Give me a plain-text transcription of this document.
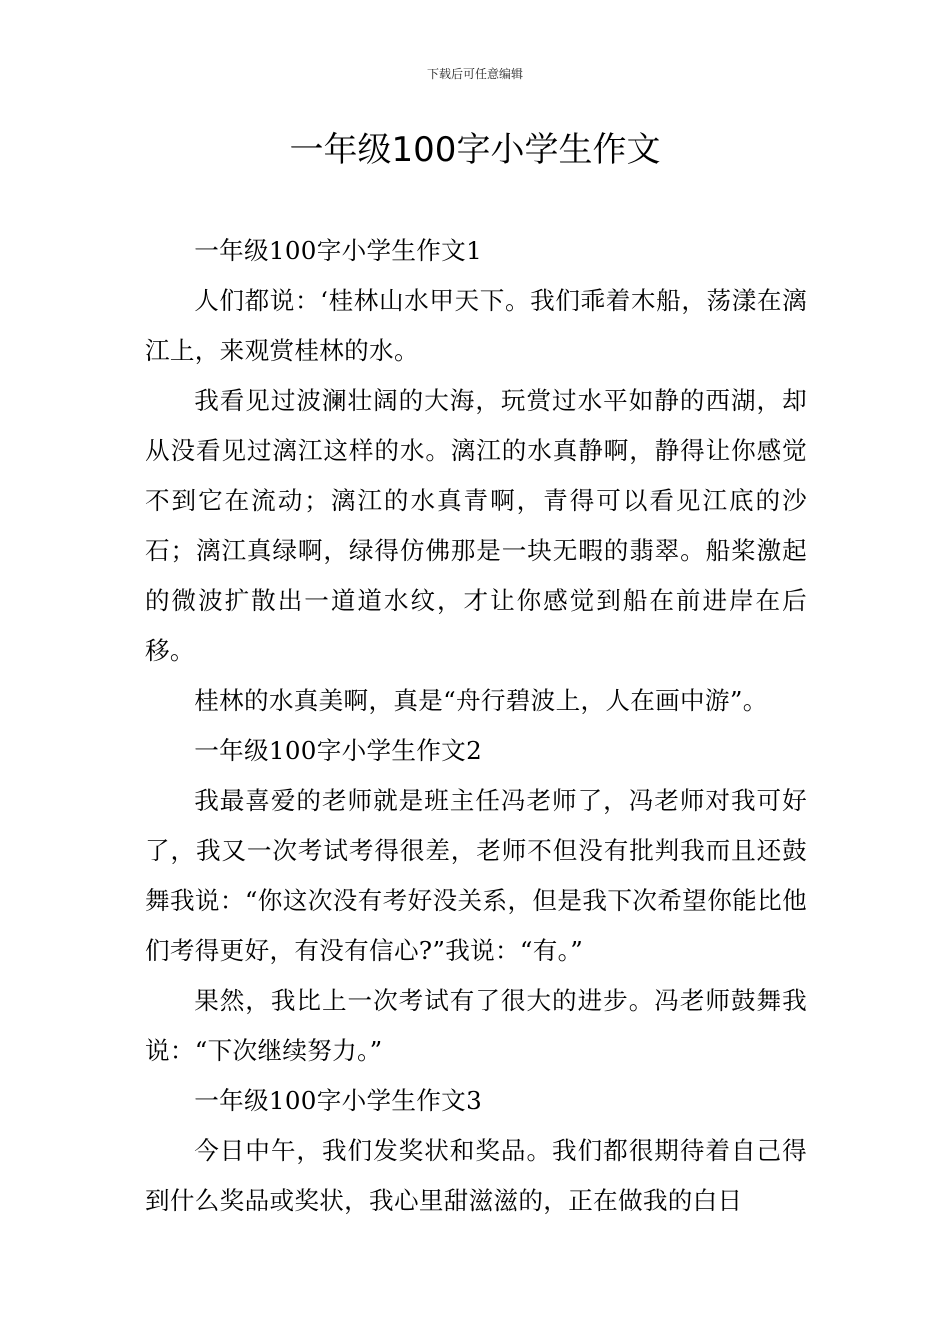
下载后可任意编辑
一年级100字小学生作文

一年级100字小学生作文1

人们都说：‘桂林山水甲天下。我们乖着木船，荡漾在漓江上，来观赏桂林的水。

我看见过波澜壮阔的大海，玩赏过水平如静的西湖，却从没看见过漓江这样的水。漓江的水真静啊，静得让你感觉不到它在流动；漓江的水真青啊，青得可以看见江底的沙石；漓江真绿啊，绿得仿佛那是一块无暇的翡翠。船桨激起的微波扩散出一道道水纹，才让你感觉到船在前进岸在后移。

桂林的水真美啊，真是“舟行碧波上，人在画中游”。

一年级100字小学生作文2

我最喜爱的老师就是班主任冯老师了，冯老师对我可好了，我又一次考试考得很差，老师不但没有批判我而且还鼓舞我说：“你这次没有考好没关系，但是我下次希望你能比他们考得更好，有没有信心?”我说：“有。”

果然，我比上一次考试有了很大的进步。冯老师鼓舞我说：“下次继续努力。”

一年级100字小学生作文3

今日中午，我们发奖状和奖品。我们都很期待着自己得到什么奖品或奖状，我心里甜滋滋的，正在做我的白日
